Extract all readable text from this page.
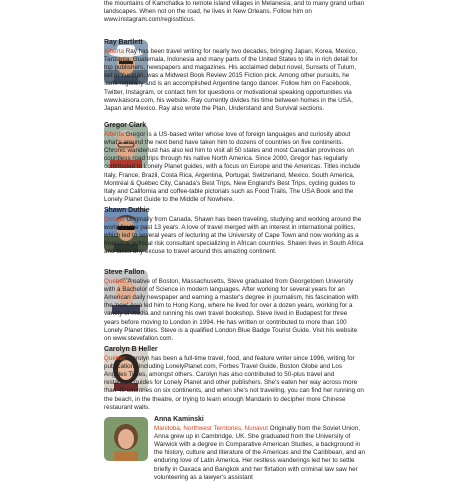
the mountains of Kamchatka to remote island villages in Melanesia, and to many grand urban landscapes. When not on the road, he lives in New Orleans. Follow him on www.instagram.com/regisstticus.
Ray Bartlett
Alberta Ray has been travel writing for nearly two decades, bringing Japan, Korea, Mexico, Tanzania, Guatemala, Indonesia and many parts of the United States to life in rich detail for top publishers, newspapers and magazines. His acclaimed debut novel, Sunsets of Tulum, set in Yucatán, was a Midwest Book Review 2015 Fiction pick. Among other pursuits, he surfs regularly and is an accomplished Argentine tango dancer. Follow him on Facebook, Twitter, Instagram, or contact him for questions or motivational speaking opportunities via www.kaisora.com, his website. Ray currently divides his time between homes in the USA, Japan and Mexico. Ray also wrote the Plan, Understand and Survival sections.
Gregor Clark
Alberta Gregor is a US-based writer whose love of foreign languages and curiosity about what's around the next bend have taken him to dozens of countries on five continents. Chronic wanderlust has also led him to visit all 50 states and most Canadian provinces on countless road trips through his native North America. Since 2000, Gregor has regularly contributed to Lonely Planet guides, with a focus on Europe and the Americas. Titles include Italy, France, Brazil, Costa Rica, Argentina, Portugal, Switzerland, Mexico, South America, Montréal & Québec City, Canada's Best Trips, New England's Best Trips, cycling guides to Italy and California and coffee-table pictorials such as Food Trails, The USA Book and the Lonely Planet Guide to the Middle of Nowhere.
Shawn Duthie
Ontario Originally from Canada, Shawn has been traveling, studying and working around the world for the past 13 years. A love of travel merged with an interest in international politics, which led to several years of lecturing at the University of Cape Town and now working as a freelance political risk consultant specializing in African countries. Shawn lives in South Africa and takes any excuse to travel around this amazing continent.
Steve Fallon
Québec A native of Boston, Massachusetts, Steve graduated from Georgetown University with a Bachelor of Science in modern languages. After working for several years for an American daily newspaper and earning a master's degree in journalism, his fascination with the 'new' Asia led him to Hong Kong, where he lived for over a dozen years, working for a variety of media and running his own travel bookshop. Steve lived in Budapest for three years before moving to London in 1994. He has written or contributed to more than 100 Lonely Planet titles. Steve is a qualified London Blue Badge Tourist Guide. Visit his website on www.stevefallon.com.
Carolyn B Heller
Québec Carolyn has been a full-time travel, food, and feature writer since 1996, writing for publications including LonelyPlanet.com, Forbes Travel Guide, Boston Globe and Los Angeles Times, amongst others. Carolyn has also contributed to 50-plus travel and restaurant guides for Lonely Planet and other publishers. She's eaten her way across more than 40 countries on six continents, and when she's not traveling, you can find her running on the beach, in the theatre, or trying to learn enough Mandarin to decipher more Chinese restaurant walls.
Anna Kaminski
Manitoba, Northwest Territories, Nunavut Originally from the Soviet Union, Anna grew up in Cambridge, UK. She graduated from the University of Warwick with a degree in Comparative American Studies, a background in the history, culture and literature of the Americas and the Caribbean, and an enduring love of Latin America. Her restless wanderings led her to settle briefly in Oaxaca and Bangkok and her flirtation with criminal law saw her volunteering as a lawyer's assistant
